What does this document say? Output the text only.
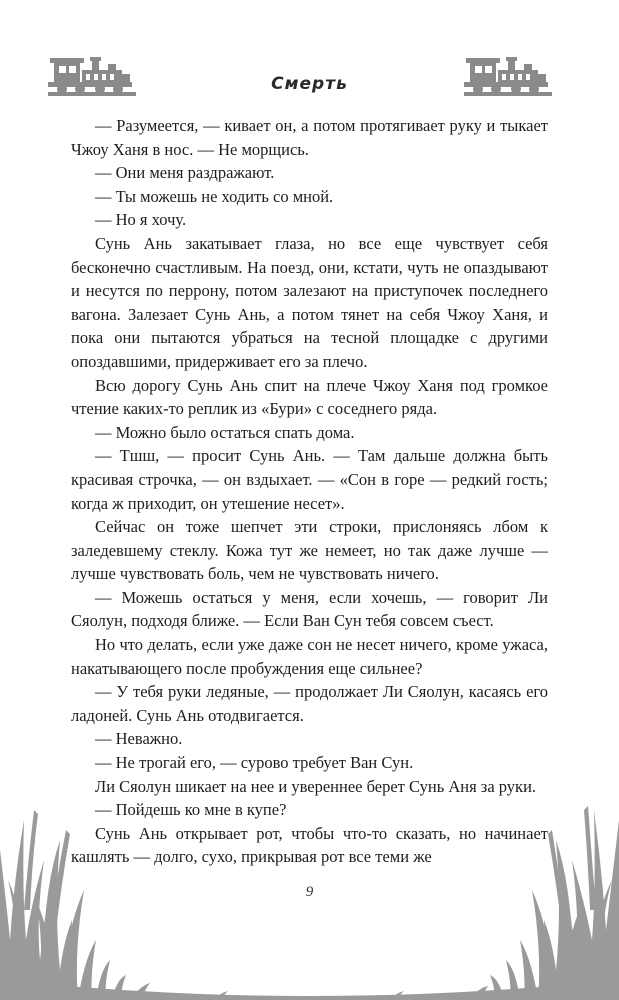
Смерть

— Разумеется, — кивает он, а потом протягивает руку и тыкает Чжоу Ханя в нос. — Не морщись.

— Они меня раздражают.

— Ты можешь не ходить со мной.

— Но я хочу.

Сунь Ань закатывает глаза, но все еще чувствует себя бесконечно счастливым. На поезд, они, кстати, чуть не опаздывают и несутся по перрону, потом залезают на приступочек последнего вагона. Залезает Сунь Ань, а потом тянет на себя Чжоу Ханя, и пока они пытаются убраться на тесной площадке с другими опоздавшими, придерживает его за плечо.

Всю дорогу Сунь Ань спит на плече Чжоу Ханя под громкое чтение каких-то реплик из «Бури» с соседнего ряда.

— Можно было остаться спать дома.

— Тшш, — просит Сунь Ань. — Там дальше должна быть красивая строчка, — он вздыхает. — «Сон в горе — редкий гость; когда ж приходит, он утешение несет».

Сейчас он тоже шепчет эти строки, прислоняясь лбом к заледевшему стеклу. Кожа тут же немеет, но так даже лучше — лучше чувствовать боль, чем не чувствовать ничего.

— Можешь остаться у меня, если хочешь, — говорит Ли Сяолун, подходя ближе. — Если Ван Сун тебя совсем съест.

Но что делать, если уже даже сон не несет ничего, кроме ужаса, накатывающего после пробуждения еще сильнее?

— У тебя руки ледяные, — продолжает Ли Сяолун, касаясь его ладоней. Сунь Ань отодвигается.

— Неважно.

— Не трогай его, — сурово требует Ван Сун.

Ли Сяолун шикает на нее и увереннее берет Сунь Аня за руки.

— Пойдешь ко мне в купе?

Сунь Ань открывает рот, чтобы что-то сказать, но начинает кашлять — долго, сухо, прикрывая рот все теми же

9
